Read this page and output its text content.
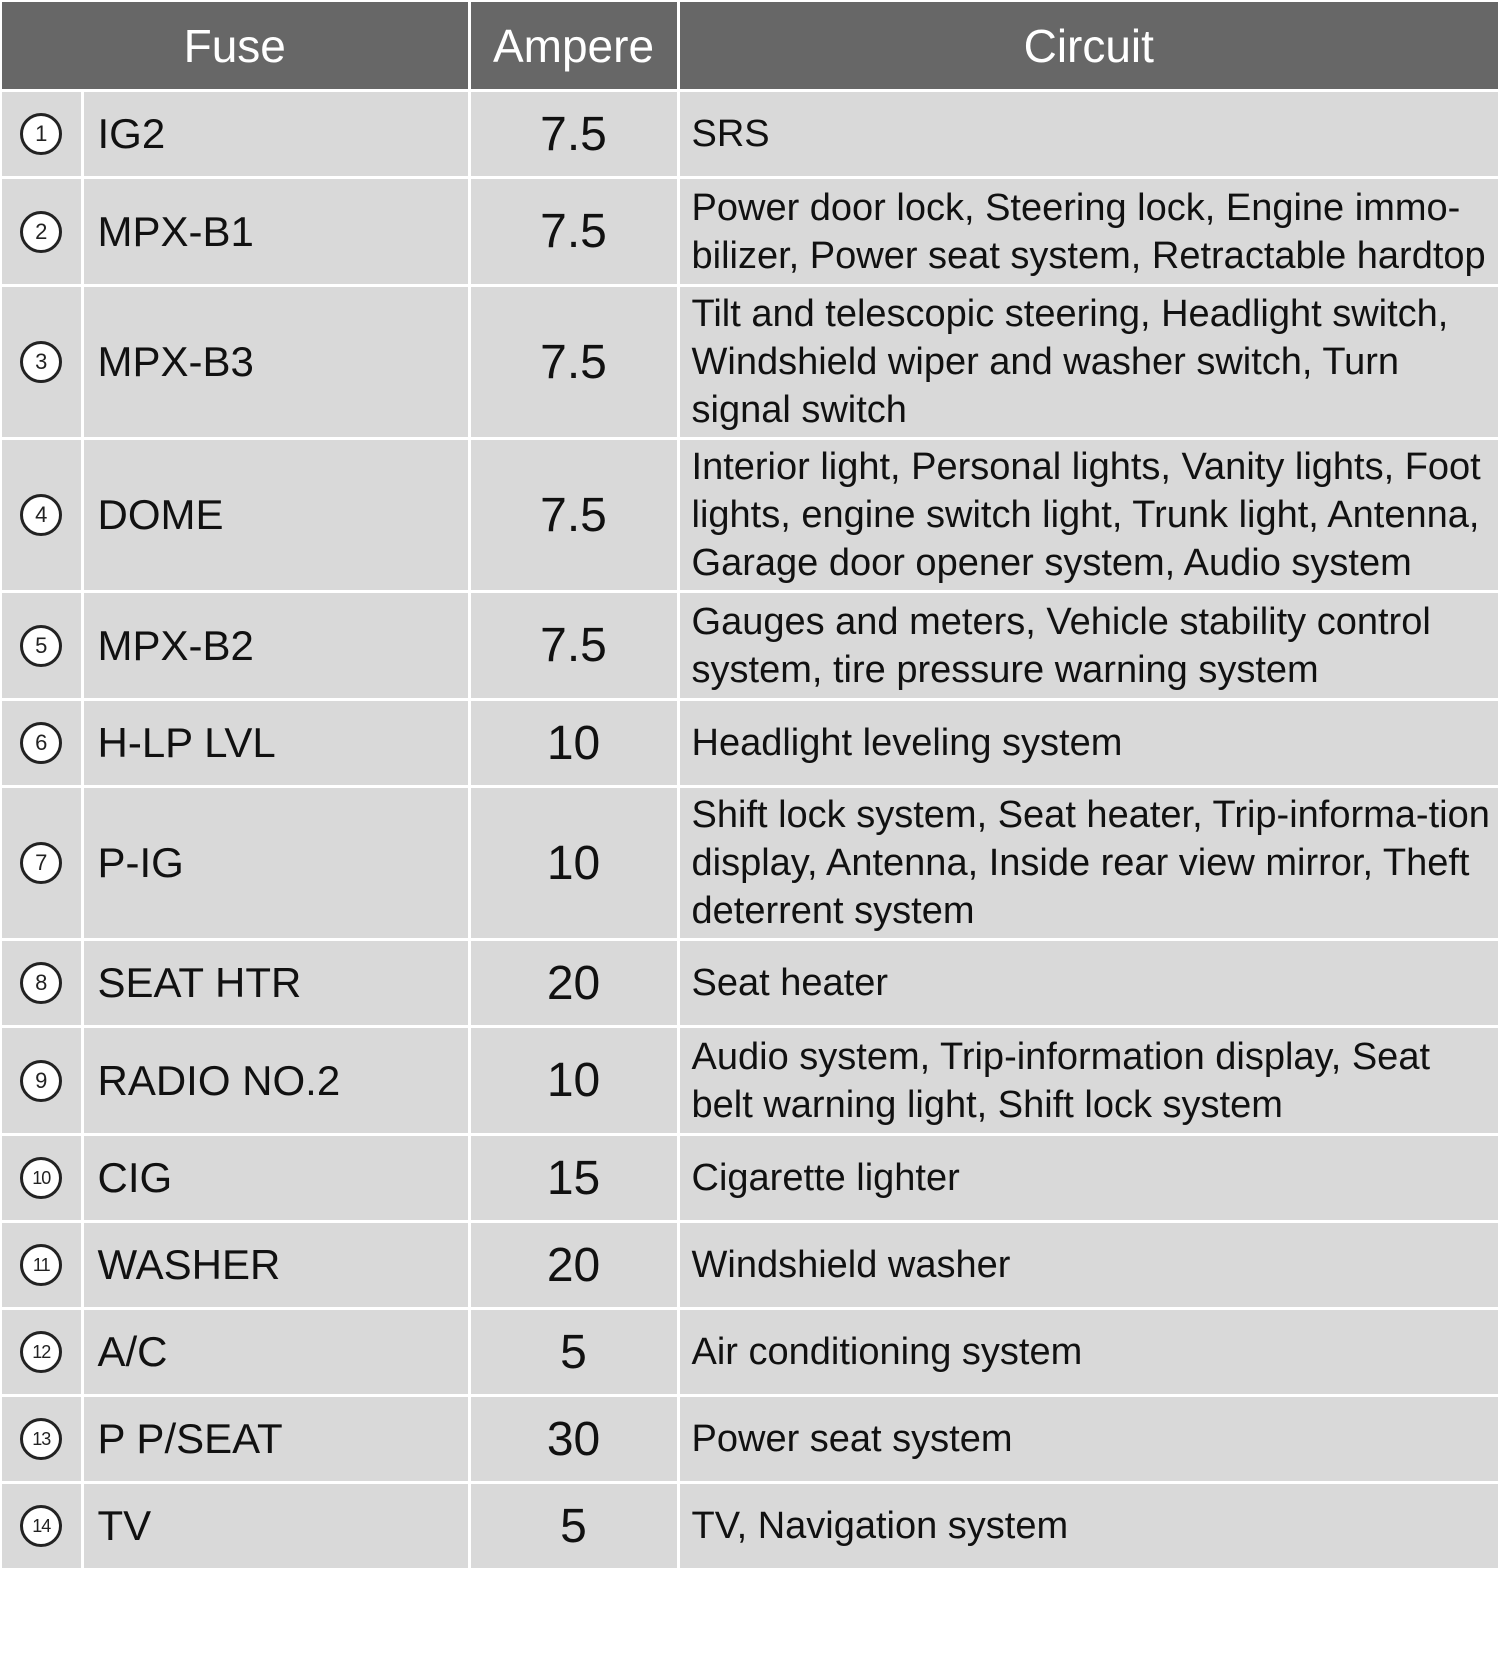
Fuse		Ampere	Circuit
1	IG2	7.5	SRS
2	MPX-B1	7.5	Power door lock, Steering lock, Engine immo-bilizer, Power seat system, Retractable hardtop
3	MPX-B3	7.5	Tilt and telescopic steering, Headlight switch, Windshield wiper and washer switch, Turn signal switch
4	DOME	7.5	Interior light, Personal lights, Vanity lights, Foot lights, engine switch light, Trunk light, Antenna, Garage door opener system, Audio system
5	MPX-B2	7.5	Gauges and meters, Vehicle stability control system, tire pressure warning system
6	H-LP LVL	10	Headlight leveling system
7	P-IG	10	Shift lock system, Seat heater, Trip-informa-tion display, Antenna, Inside rear view mirror, Theft deterrent system
8	SEAT HTR	20	Seat heater
9	RADIO NO.2	10	Audio system, Trip-information display, Seat belt warning light, Shift lock system
10	CIG	15	Cigarette lighter
11	WASHER	20	Windshield washer
12	A/C	5	Air conditioning system
13	P P/SEAT	30	Power seat system
14	TV	5	TV, Navigation system
